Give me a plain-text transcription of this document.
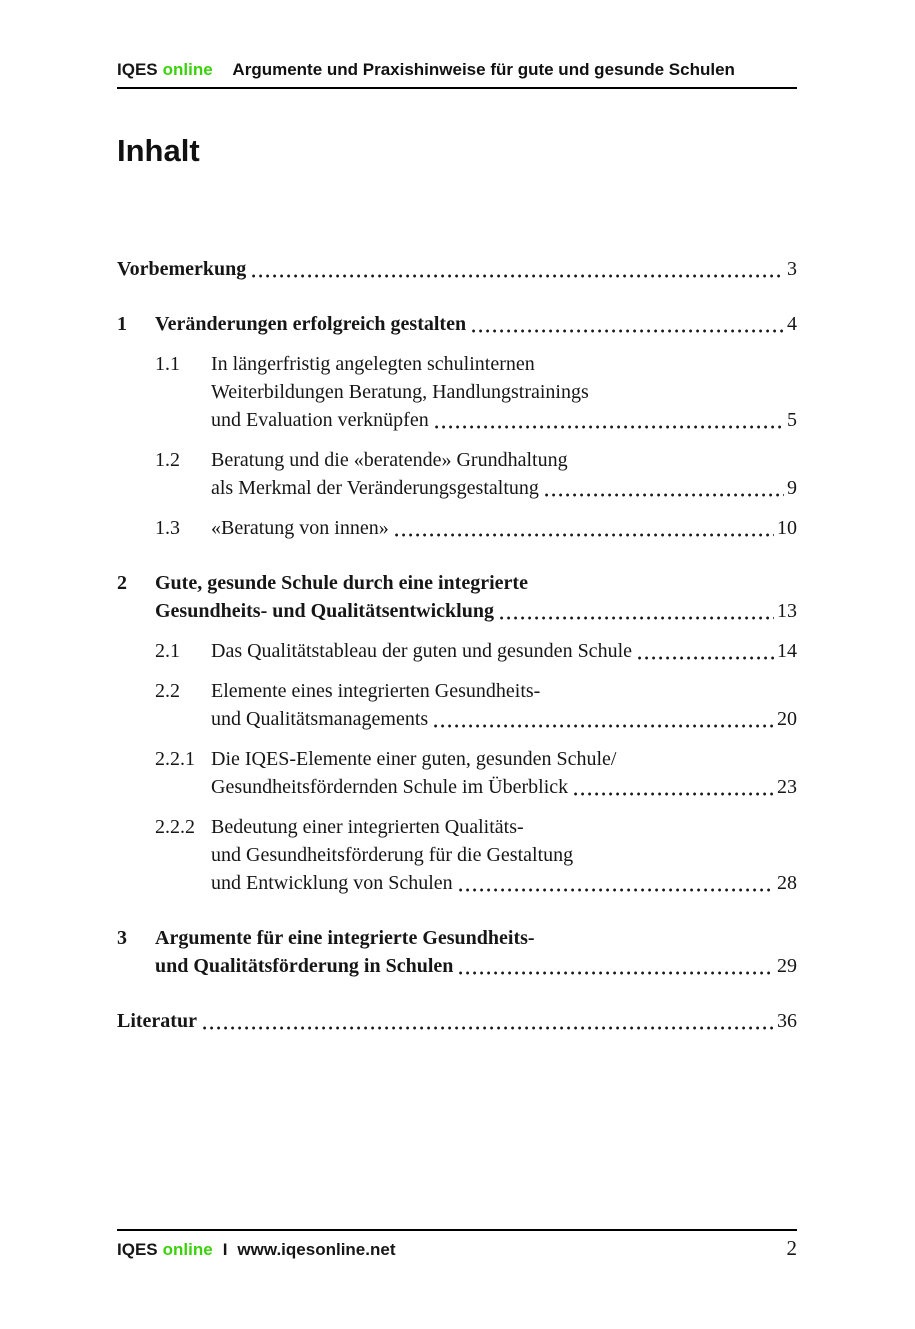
IQES online Argumente und Praxishinweise für gute und gesunde Schulen
Inhalt
Vorbemerkung	3
1	Veränderungen erfolgreich gestalten	4
1.1	In längerfristig angelegten schulinternen
Weiterbildungen Beratung, Handlungstrainings
und Evaluation verknüpfen	5
1.2	Beratung und die «beratende» Grundhaltung
als Merkmal der Veränderungsgestaltung	9
1.3	«Beratung von innen»	10
2	Gute, gesunde Schule durch eine integrierte
Gesundheits- und Qualitätsentwicklung	13
2.1	Das Qualitätstableau der guten und gesunden Schule	14
2.2	Elemente eines integrierten Gesundheits-
und Qualitätsmanagements	20
2.2.1 Die IQES-Elemente einer guten, gesunden Schule/
Gesundheitsfördernden Schule im Überblick	23
2.2.2 Bedeutung einer integrierten Qualitäts-
und Gesundheitsförderung für die Gestaltung
und Entwicklung von Schulen	28
3	Argumente für eine integrierte Gesundheits-
und Qualitätsförderung in Schulen	29
Literatur	36
IQES online I www.iqesonline.net	2
